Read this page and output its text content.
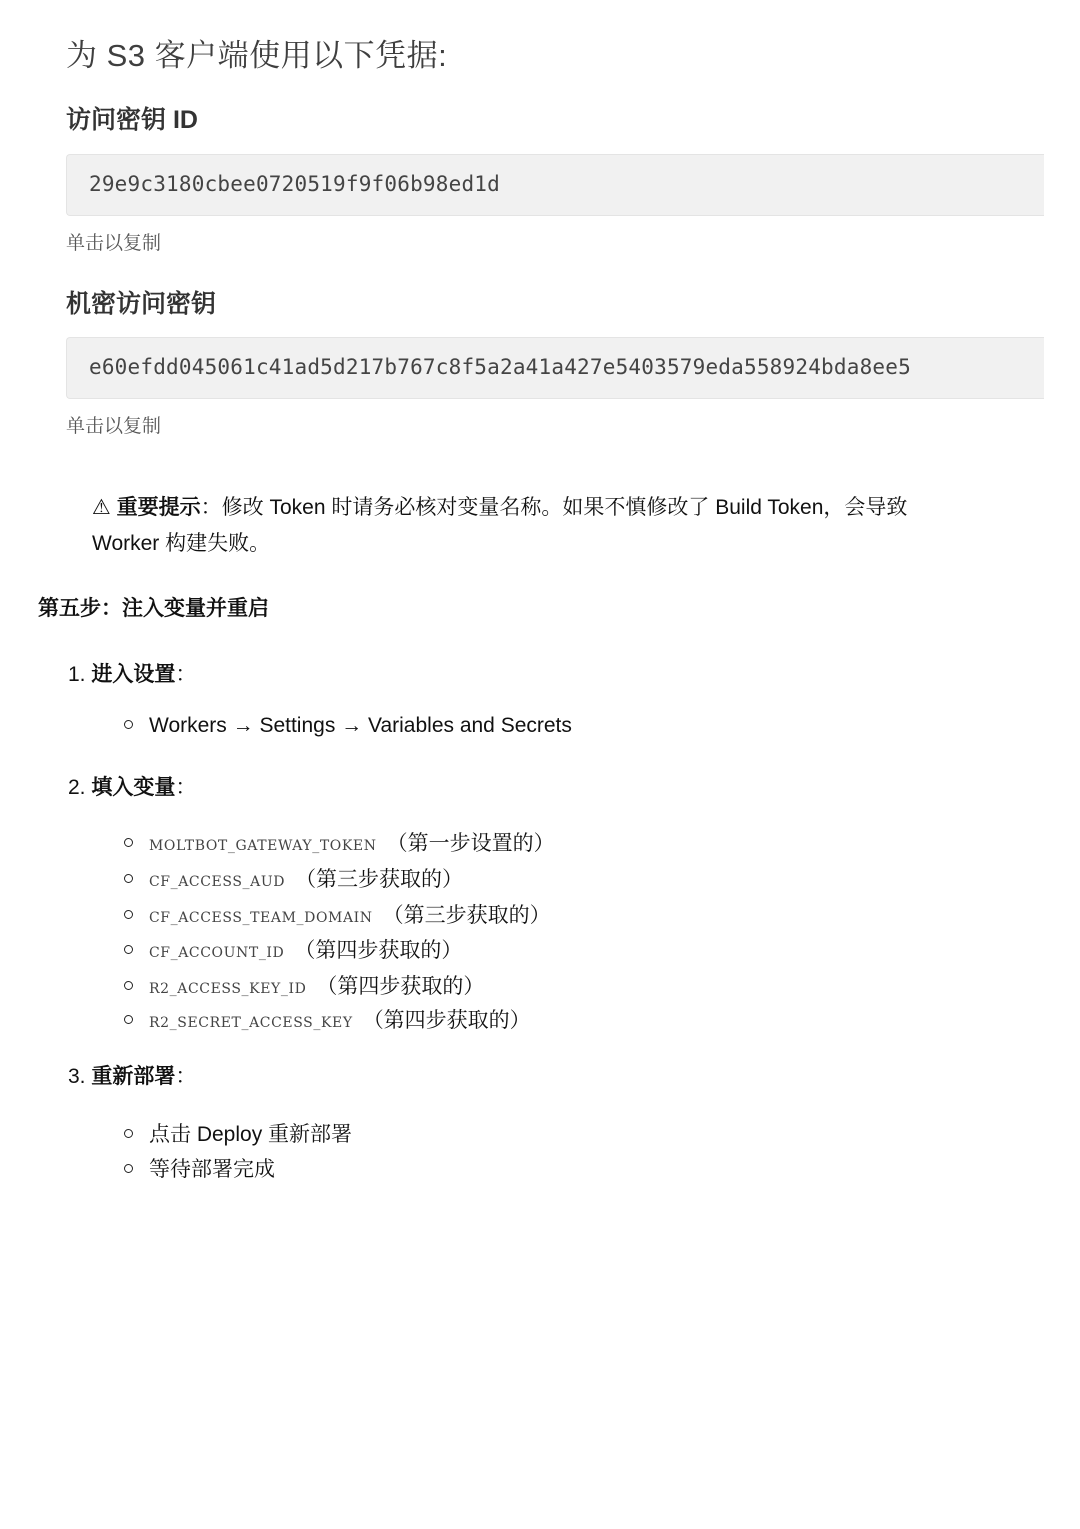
为 S3 客户端使用以下凭据:
访问密钥 ID
29e9c3180cbee0720519f9f06b98ed1d
单击以复制
机密访问密钥
e60efdd045061c41ad5d217b767c8f5a2a41a427e5403579eda558924bda8ee5
单击以复制
⚠ 重要提示：修改 Token 时请务必核对变量名称。如果不慎修改了 Build Token，会导致 Worker 构建失败。
第五步：注入变量并重启
1. 进入设置：
Workers → Settings → Variables and Secrets
2. 填入变量：
MOLTBOT_GATEWAY_TOKEN （第一步设置的）
CF_ACCESS_AUD （第三步获取的）
CF_ACCESS_TEAM_DOMAIN （第三步获取的）
CF_ACCOUNT_ID （第四步获取的）
R2_ACCESS_KEY_ID （第四步获取的）
R2_SECRET_ACCESS_KEY （第四步获取的）
3. 重新部署：
点击 Deploy 重新部署
等待部署完成
